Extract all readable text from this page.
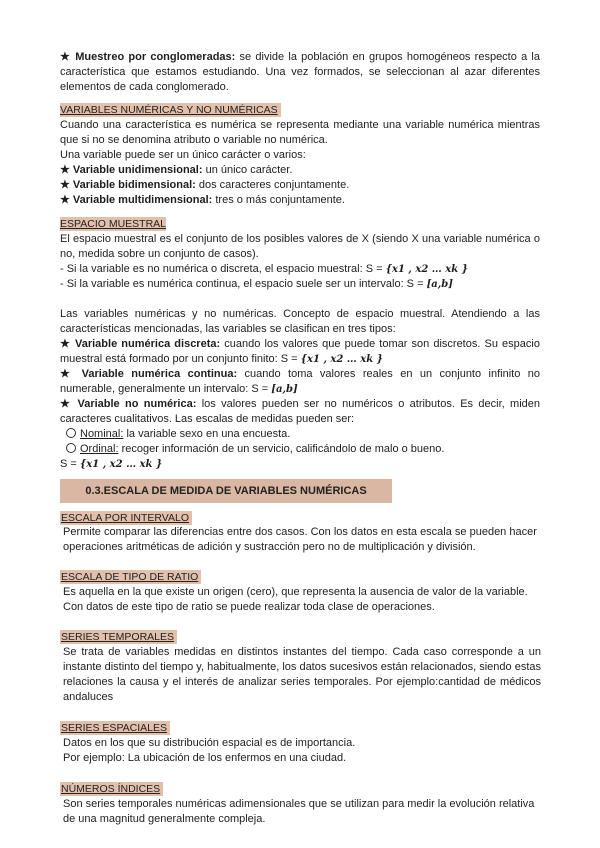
★ Muestreo por conglomeradas: se divide la población en grupos homogéneos respecto a la característica que estamos estudiando. Una vez formados, se seleccionan al azar diferentes elementos de cada conglomerado.

VARIABLES NUMÉRICAS Y NO NUMÉRICAS

Cuando una característica es numérica se representa mediante una variable numérica mientras que si no se denomina atributo o variable no numérica.

Una variable puede ser un único carácter o varios:

★ Variable unidimensional: un único carácter.

★ Variable bidimensional: dos caracteres conjuntamente.

★ Variable multidimensional: tres o más conjuntamente.

ESPACIO MUESTRAL

El espacio muestral es el conjunto de los posibles valores de X (siendo X una variable numérica o no, medida sobre un conjunto de casos).

- Si la variable es no numérica o discreta, el espacio muestral: S = {x1 , x2 … xk }

- Si la variable es numérica continua, el espacio suele ser un intervalo: S = [a,b]

Las variables numéricas y no numéricas. Concepto de espacio muestral. Atendiendo a las características mencionadas, las variables se clasifican en tres tipos:

★ Variable numérica discreta: cuando los valores que puede tomar son discretos. Su espacio muestral está formado por un conjunto finito: S = {x1 , x2 … xk }

★ Variable numérica continua: cuando toma valores reales en un conjunto infinito no numerable, generalmente un intervalo: S = [a,b]

★ Variable no numérica: los valores pueden ser no numéricos o atributos. Es decir, miden caracteres cualitativos. Las escalas de medidas pueden ser:

Nominal: la variable sexo en una encuesta.

Ordinal: recoger información de un servicio, calificándolo de malo o bueno.

S = {x1 , x2 … xk }

0.3.ESCALA DE MEDIDA DE VARIABLES NUMÉRICAS
ESCALA POR INTERVALO

Permite comparar las diferencias entre dos casos. Con los datos en esta escala se pueden hacer operaciones aritméticas de adición y sustracción pero no de multiplicación y división.

ESCALA DE TIPO DE RATIO

Es aquella en la que existe un origen (cero), que representa la ausencia de valor de la variable. Con datos de este tipo de ratio se puede realizar toda clase de operaciones.

SERIES TEMPORALES

Se trata de variables medidas en distintos instantes del tiempo. Cada caso corresponde a un instante distinto del tiempo y, habitualmente, los datos sucesivos están relacionados, siendo estas relaciones la causa y el interés de analizar series temporales. Por ejemplo:cantidad de médicos andaluces

SERIES ESPACIALES

Datos en los que su distribución espacial es de importancia.

Por ejemplo: La ubicación de los enfermos en una ciudad.

NÚMEROS ÍNDICES

Son series temporales numéricas adimensionales que se utilizan para medir la evolución relativa de una magnitud generalmente compleja.
